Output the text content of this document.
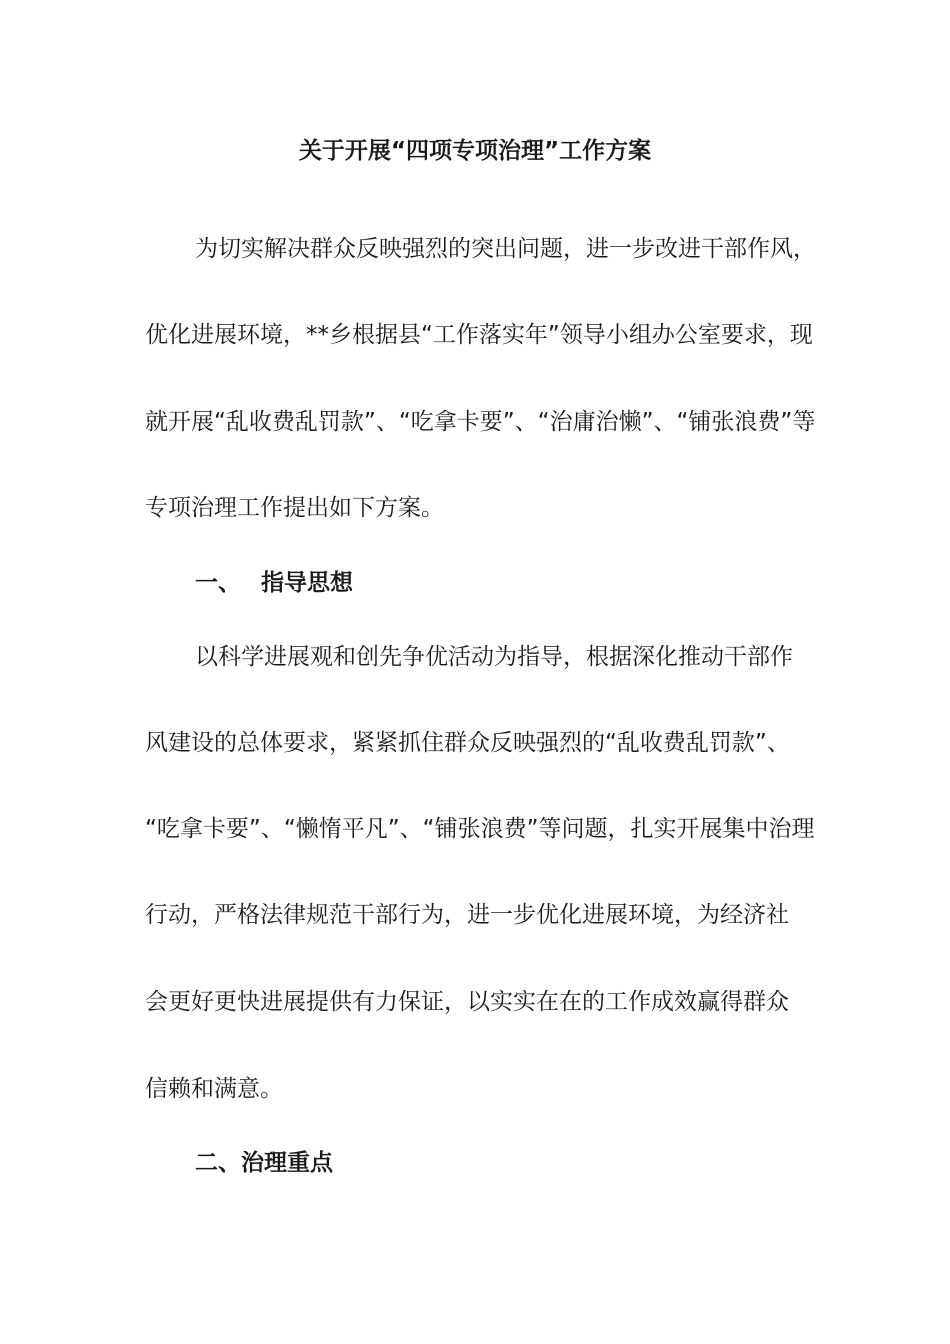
关于开展“四项专项治理”工作方案
为切实解决群众反映强烈的突出问题，进一步改进干部作风，
优化进展环境，**乡根据县“工作落实年”领导小组办公室要求，现
就开展“乱收费乱罚款”、“吃拿卡要”、“治庸治懒”、“铺张浪费”等
专项治理工作提出如下方案。
一、 指导思想
以科学进展观和创先争优活动为指导，根据深化推动干部作
风建设的总体要求，紧紧抓住群众反映强烈的“乱收费乱罚款”、
“吃拿卡要”、“懒惰平凡”、“铺张浪费”等问题，扎实开展集中治理
行动，严格法律规范干部行为，进一步优化进展环境，为经济社
会更好更快进展提供有力保证，以实实在在的工作成效赢得群众
信赖和满意。
二、治理重点
